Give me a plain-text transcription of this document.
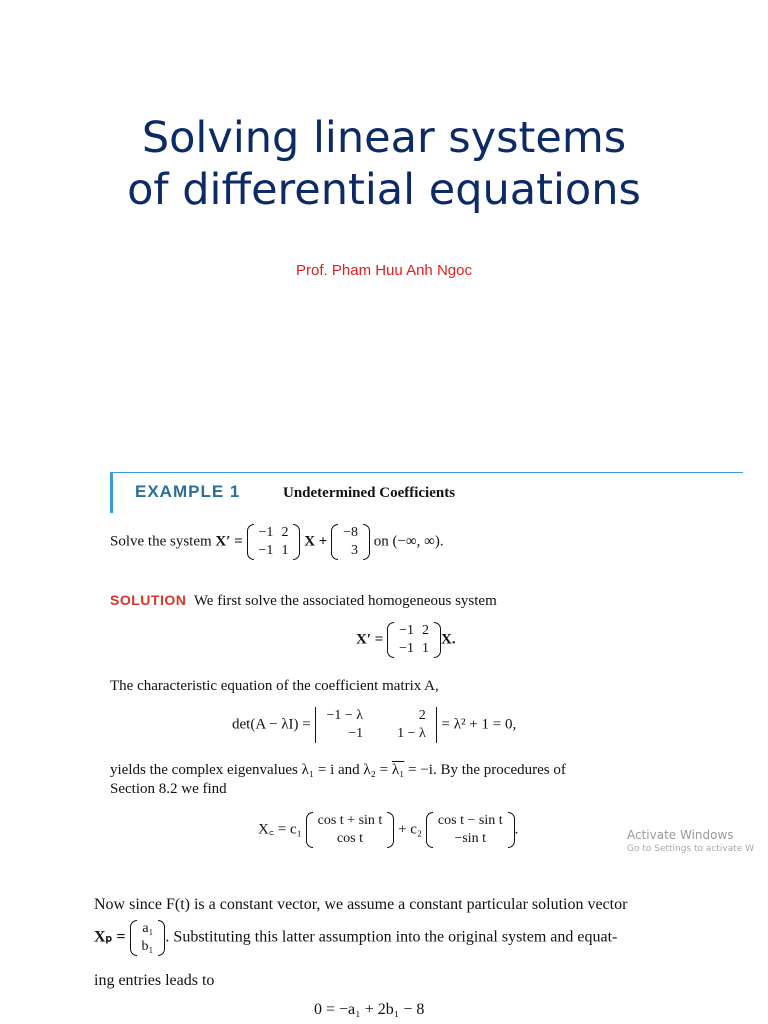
Solving linear systems
of differential equations
Prof. Pham Huu Anh Ngoc
EXAMPLE 1	Undetermined Coefficients
Solve the system X′ =
−1	2
−1	1
X +
−8
3
on (−∞, ∞).
SOLUTION We first solve the associated homogeneous system
X′ =
−1	2
−1	1
X.
The characteristic equation of the coefficient matrix A,
det(A − λI) =
−1 − λ	2
−1	1 − λ
= λ² + 1 = 0,
yields the complex eigenvalues λ₁ = i and λ₂ = λ₁ = −i. By the procedures of
Section 8.2 we find
X꜀ = c₁
cos t + sin t
cos t
+ c₂
cos t − sin t
−sin t
.	Activate Windows
Go to Settings to activate W
Now since F(t) is a constant vector, we assume a constant particular solution vector
Xₚ =
a₁
b₁
. Substituting this latter assumption into the original system and equat-
ing entries leads to
0 = −a₁ + 2b₁ − 8
